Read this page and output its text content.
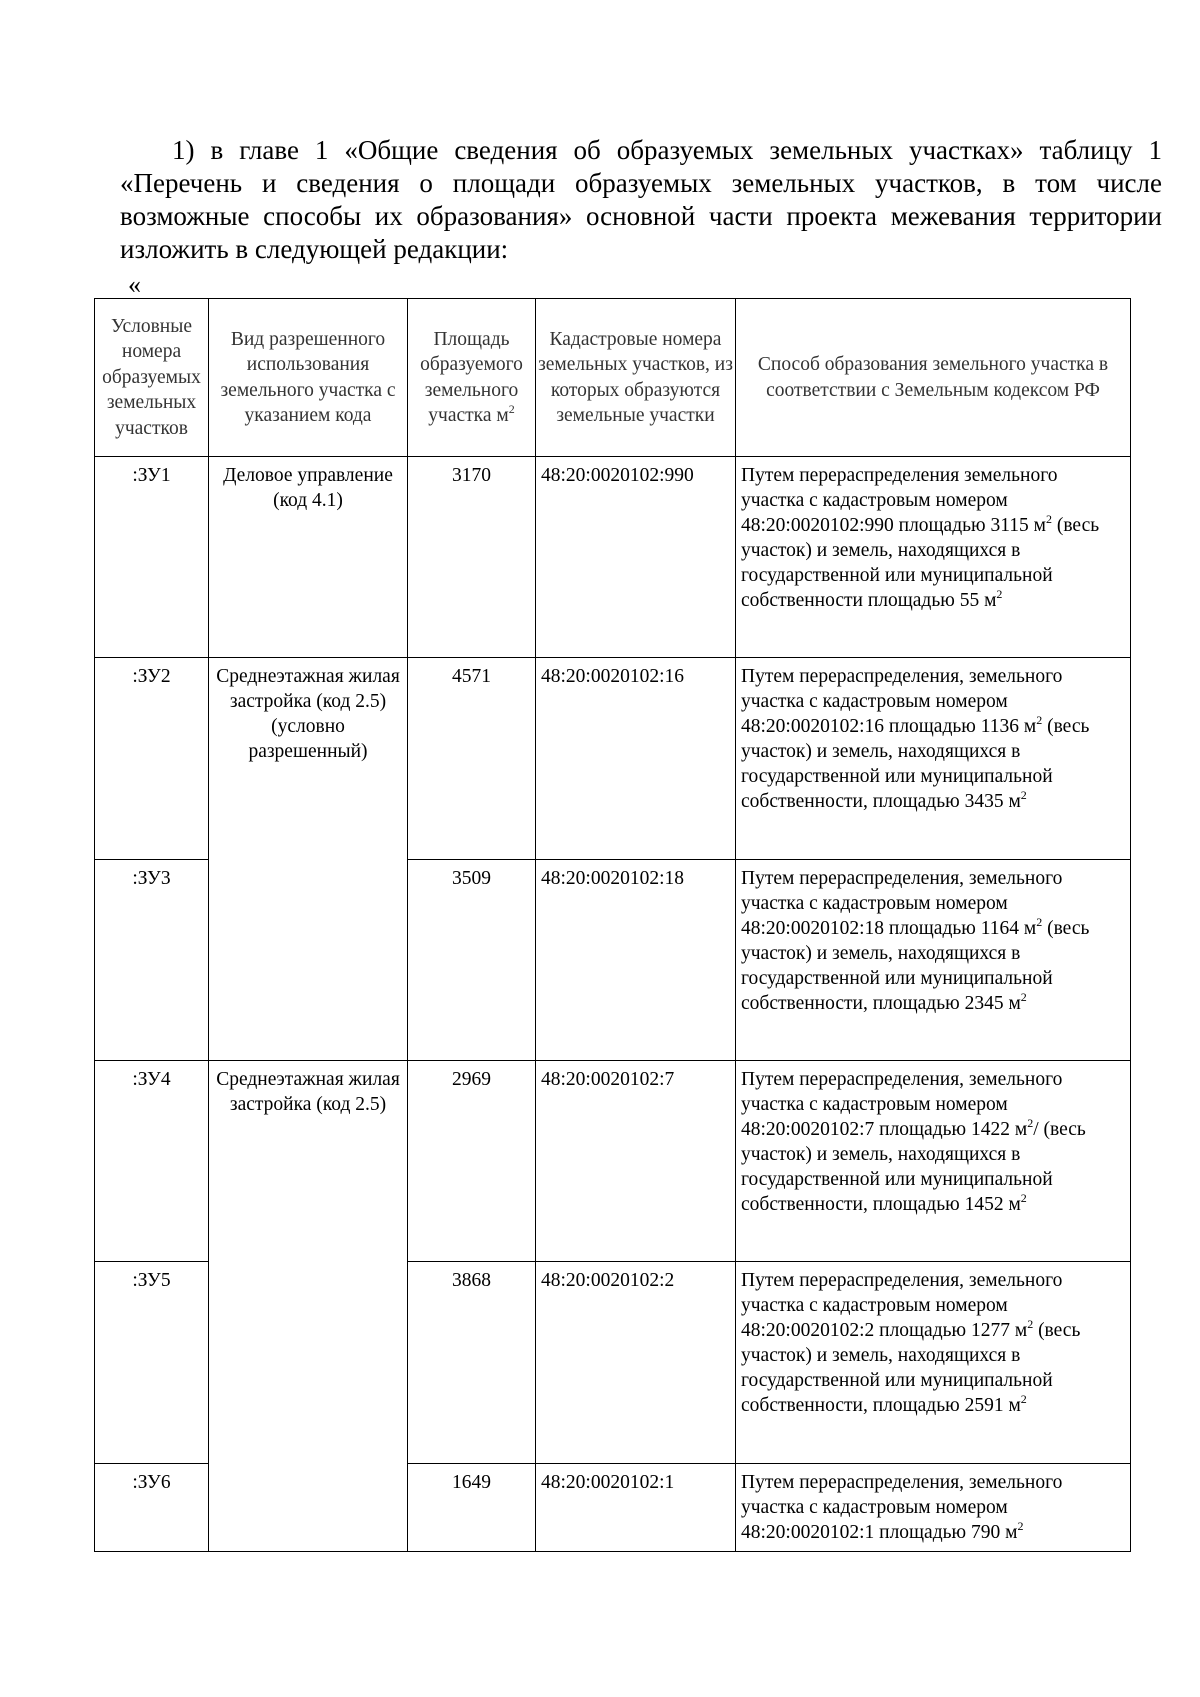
1) в главе 1 «Общие сведения об образуемых земельных участках» таблицу 1 «Перечень и сведения о площади образуемых земельных участков, в том числе возможные способы их образования» основной части проекта межевания территории изложить в следующей редакции:
«
Условные номера образуемых земельных участков	Вид разрешенного использования земельного участка с указанием кода	Площадь образуемого земельного участка $м^2$	Кадастровые номера земельных участков, из которых образуются земельные участки	Способ образования земельного участка в соответствии с Земельным кодексом РФ
:ЗУ1	Деловое управление (код 4.1)	3170	48:20:0020102:990	Путем перераспределения земельного участка с кадастровым номером 48:20:0020102:990 площадью 3115 $м^2$ (весь участок) и земель, находящихся в государственной или муниципальной собственности площадью 55 $м^2$
:ЗУ2	Среднеэтажная жилая застройка (код 2.5) (условно разрешенный)	4571	48:20:0020102:16	Путем перераспределения, земельного участка с кадастровым номером 48:20:0020102:16 площадью 1136 $м^2$ (весь участок) и земель, находящихся в государственной или муниципальной собственности, площадью 3435 $м^2$
:ЗУ3		3509	48:20:0020102:18	Путем перераспределения, земельного участка с кадастровым номером 48:20:0020102:18 площадью 1164 $м^2$ (весь участок) и земель, находящихся в государственной или муниципальной собственности, площадью 2345 $м^2$
:ЗУ4	Среднеэтажная жилая застройка (код 2.5)	2969	48:20:0020102:7	Путем перераспределения, земельного участка с кадастровым номером 48:20:0020102:7 площадью 1422 $м^2/$ (весь участок) и земель, находящихся в государственной или муниципальной собственности, площадью 1452 $м^2$
:ЗУ5		3868	48:20:0020102:2	Путем перераспределения, земельного участка с кадастровым номером 48:20:0020102:2 площадью 1277 $м^2$ (весь участок) и земель, находящихся в государственной или муниципальной собственности, площадью 2591 $м^2$
:ЗУ6		1649	48:20:0020102:1	Путем перераспределения, земельного участка с кадастровым номером 48:20:0020102:1 площадью 790 $м^2$
